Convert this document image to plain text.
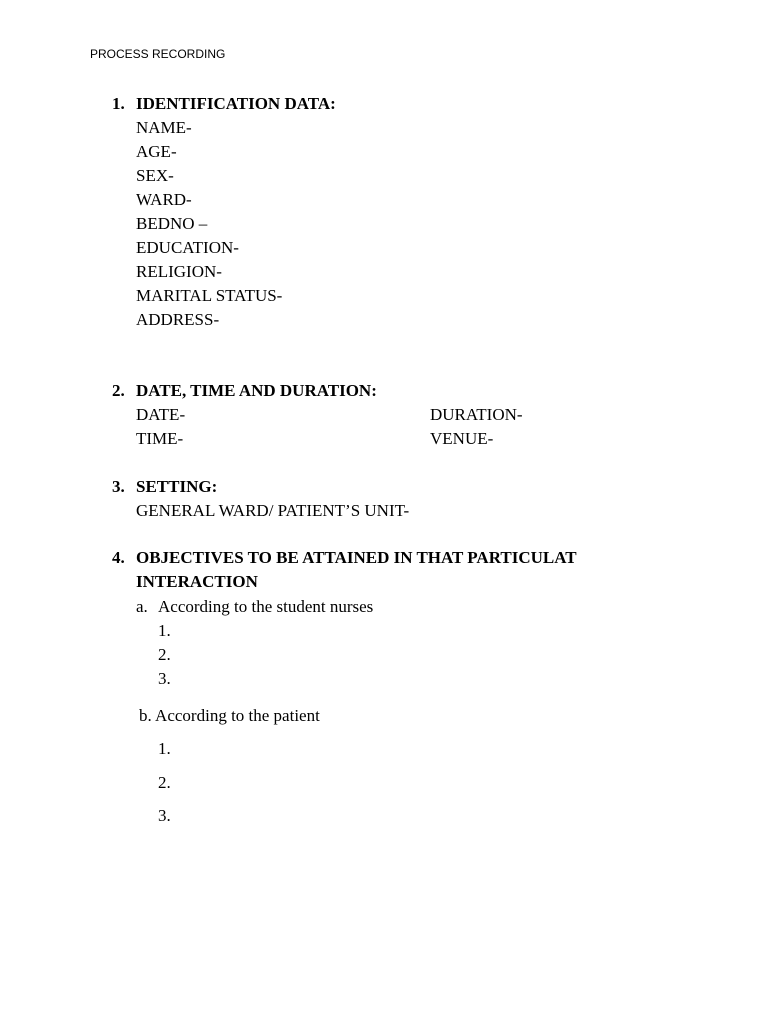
PROCESS RECORDING
1. IDENTIFICATION DATA:
NAME-
AGE-
SEX-
WARD-
BEDNO –
EDUCATION-
RELIGION-
MARITAL STATUS-
ADDRESS-
2. DATE, TIME AND DURATION:
DATE-
TIME-
DURATION-
VENUE-
3. SETTING:
GENERAL WARD/ PATIENT’S UNIT-
4. OBJECTIVES TO BE ATTAINED IN THAT PARTICULAT
INTERACTION
a. According to the student nurses
1.
2.
3.
b. According to the patient
1.
2.
3.
